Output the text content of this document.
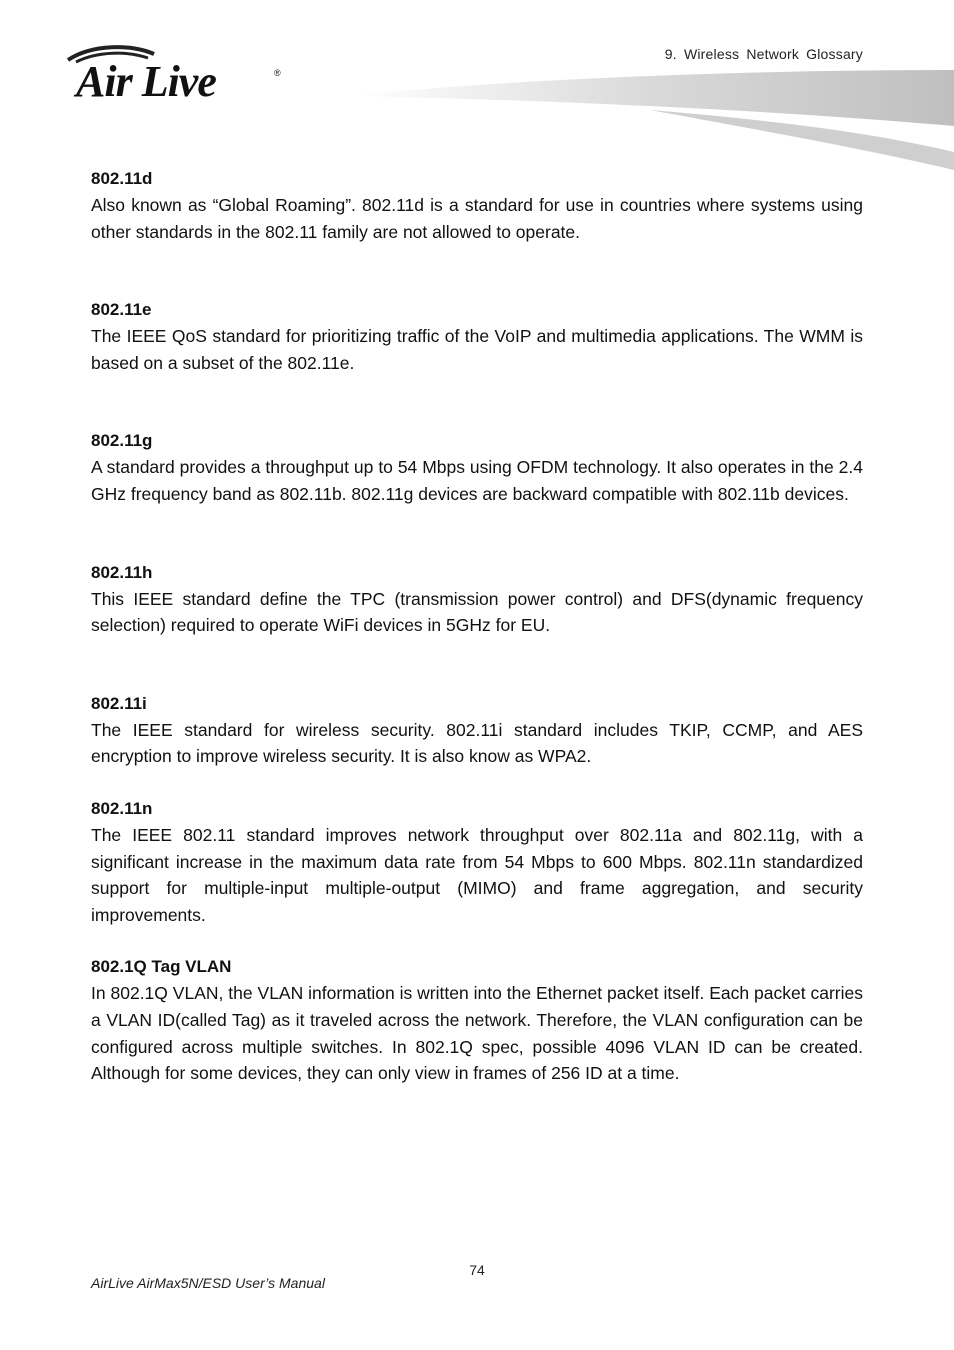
9. Wireless Network Glossary
Air Live	®
802.11d

Also known as “Global Roaming”. 802.11d is a standard for use in countries where systems using other standards in the 802.11 family are not allowed to operate.

802.11e

The IEEE QoS standard for prioritizing traffic of the VoIP and multimedia applications. The WMM is based on a subset of the 802.11e.

802.11g

A standard provides a throughput up to 54 Mbps using OFDM technology. It also operates in the 2.4 GHz frequency band as 802.11b. 802.11g devices are backward compatible with 802.11b devices.

802.11h

This IEEE standard define the TPC (transmission power control) and DFS(dynamic frequency selection) required to operate WiFi devices in 5GHz for EU.

802.11i

The IEEE standard for wireless security. 802.11i standard includes TKIP, CCMP, and AES encryption to improve wireless security. It is also know as WPA2.

802.11n

The IEEE 802.11 standard improves network throughput over 802.11a and 802.11g, with a significant increase in the maximum data rate from 54 Mbps to 600 Mbps. 802.11n standardized support for multiple-input multiple-output (MIMO) and frame aggregation, and security improvements.

802.1Q Tag VLAN

In 802.1Q VLAN, the VLAN information is written into the Ethernet packet itself. Each packet carries a VLAN ID(called Tag) as it traveled across the network. Therefore, the VLAN configuration can be configured across multiple switches. In 802.1Q spec, possible 4096 VLAN ID can be created. Although for some devices, they can only view in frames of 256 ID at a time.

74
AirLive AirMax5N/ESD User’s Manual
